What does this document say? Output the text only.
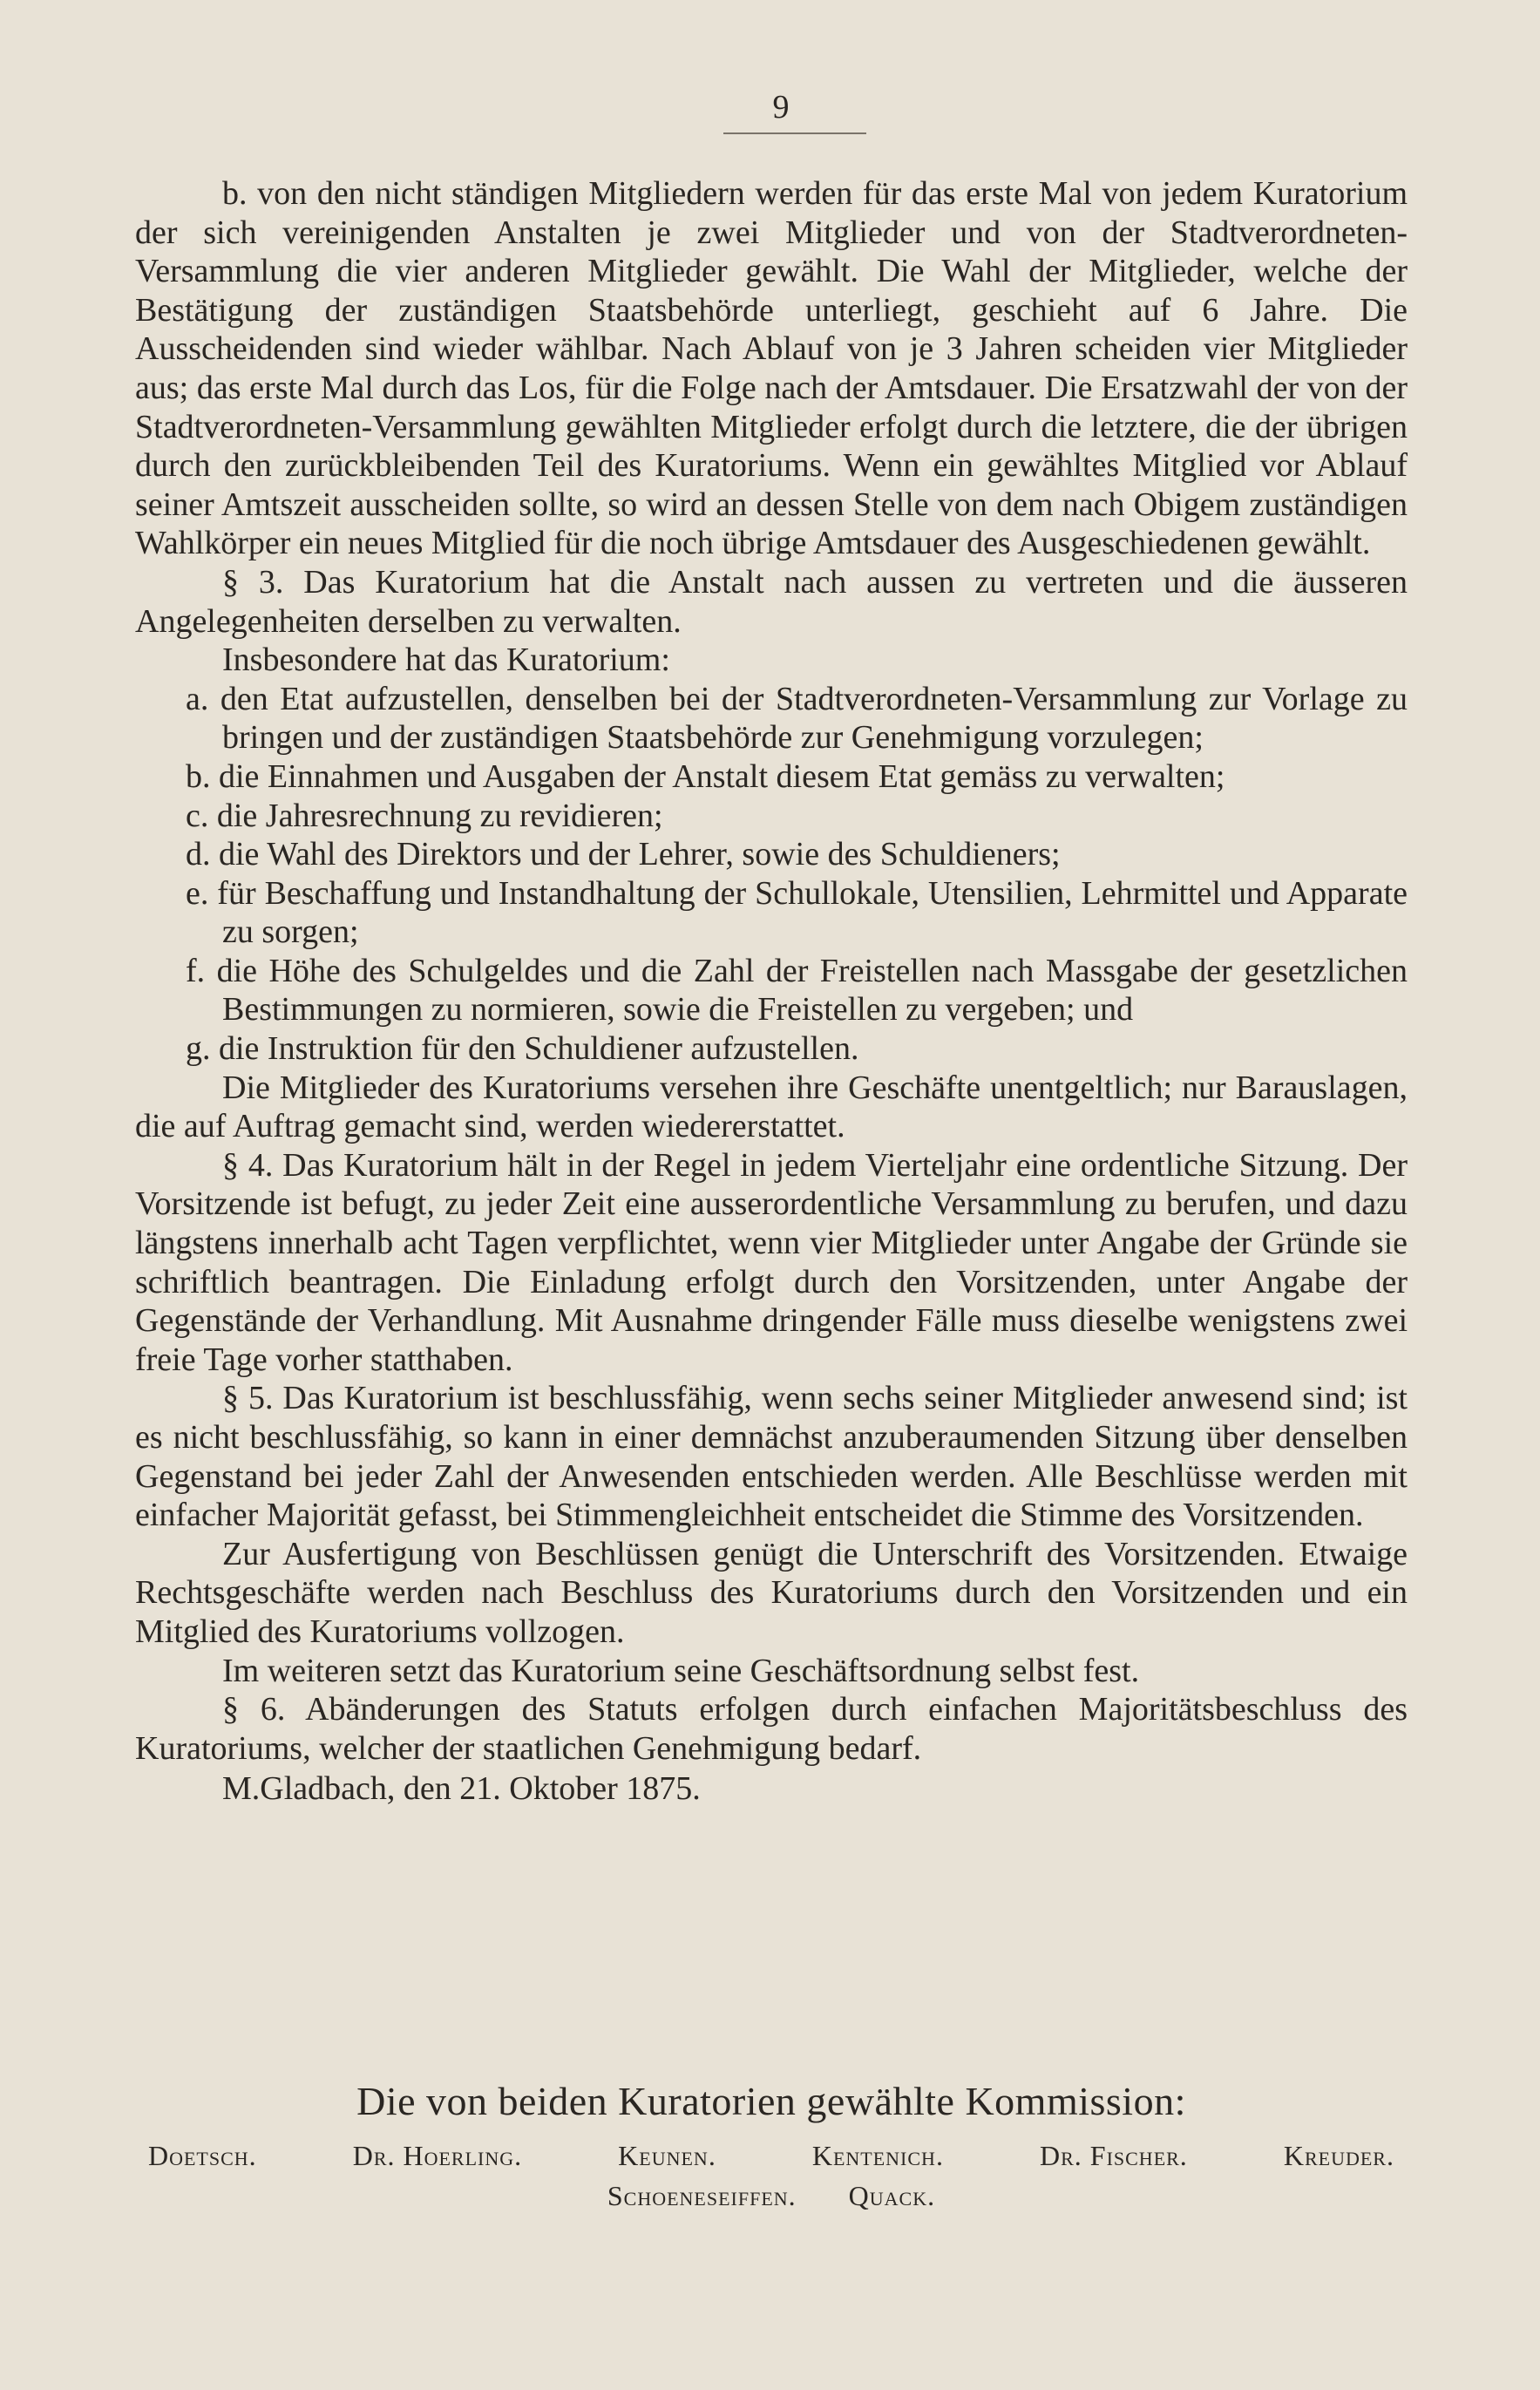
9

b. von den nicht ständigen Mitgliedern werden für das erste Mal von jedem Kuratorium der sich vereinigenden Anstalten je zwei Mitglieder und von der Stadtverordneten-Versammlung die vier anderen Mitglieder gewählt. Die Wahl der Mitglieder, welche der Bestätigung der zuständigen Staatsbehörde unterliegt, geschieht auf 6 Jahre. Die Ausscheidenden sind wieder wählbar. Nach Ablauf von je 3 Jahren scheiden vier Mitglieder aus; das erste Mal durch das Los, für die Folge nach der Amtsdauer. Die Ersatzwahl der von der Stadtverordneten-Versammlung gewählten Mitglieder erfolgt durch die letztere, die der übrigen durch den zurückbleibenden Teil des Kuratoriums. Wenn ein gewähltes Mitglied vor Ablauf seiner Amtszeit ausscheiden sollte, so wird an dessen Stelle von dem nach Obigem zuständigen Wahlkörper ein neues Mitglied für die noch übrige Amtsdauer des Ausgeschiedenen gewählt.

§ 3. Das Kuratorium hat die Anstalt nach aussen zu vertreten und die äusseren Angelegenheiten derselben zu verwalten.

Insbesondere hat das Kuratorium:

a. den Etat aufzustellen, denselben bei der Stadtverordneten-Versammlung zur Vorlage zu bringen und der zuständigen Staatsbehörde zur Genehmigung vorzulegen;

b. die Einnahmen und Ausgaben der Anstalt diesem Etat gemäss zu verwalten;

c. die Jahresrechnung zu revidieren;

d. die Wahl des Direktors und der Lehrer, sowie des Schuldieners;

e. für Beschaffung und Instandhaltung der Schullokale, Utensilien, Lehrmittel und Apparate zu sorgen;

f. die Höhe des Schulgeldes und die Zahl der Freistellen nach Massgabe der gesetzlichen Bestimmungen zu normieren, sowie die Freistellen zu vergeben; und

g. die Instruktion für den Schuldiener aufzustellen.

Die Mitglieder des Kuratoriums versehen ihre Geschäfte unentgeltlich; nur Barauslagen, die auf Auftrag gemacht sind, werden wiedererstattet.

§ 4. Das Kuratorium hält in der Regel in jedem Vierteljahr eine ordentliche Sitzung. Der Vorsitzende ist befugt, zu jeder Zeit eine ausserordentliche Versammlung zu berufen, und dazu längstens innerhalb acht Tagen verpflichtet, wenn vier Mitglieder unter Angabe der Gründe sie schriftlich beantragen. Die Einladung erfolgt durch den Vorsitzenden, unter Angabe der Gegenstände der Verhandlung. Mit Ausnahme dringender Fälle muss dieselbe wenigstens zwei freie Tage vorher statthaben.

§ 5. Das Kuratorium ist beschlussfähig, wenn sechs seiner Mitglieder anwesend sind; ist es nicht beschlussfähig, so kann in einer demnächst anzuberaumenden Sitzung über denselben Gegenstand bei jeder Zahl der Anwesenden entschieden werden. Alle Beschlüsse werden mit einfacher Majorität gefasst, bei Stimmengleichheit entscheidet die Stimme des Vorsitzenden.

Zur Ausfertigung von Beschlüssen genügt die Unterschrift des Vorsitzenden. Etwaige Rechtsgeschäfte werden nach Beschluss des Kuratoriums durch den Vorsitzenden und ein Mitglied des Kuratoriums vollzogen.

Im weiteren setzt das Kuratorium seine Geschäftsordnung selbst fest.

§ 6. Abänderungen des Statuts erfolgen durch einfachen Majoritätsbeschluss des Kuratoriums, welcher der staatlichen Genehmigung bedarf.

M.Gladbach, den 21. Oktober 1875.

Die von beiden Kuratorien gewählte Kommission:
Doetsch.	Dr. Hoerling.	Keunen.	Kentenich.	Dr. Fischer.	Kreuder.
Schoeneseiffen. Quack.
